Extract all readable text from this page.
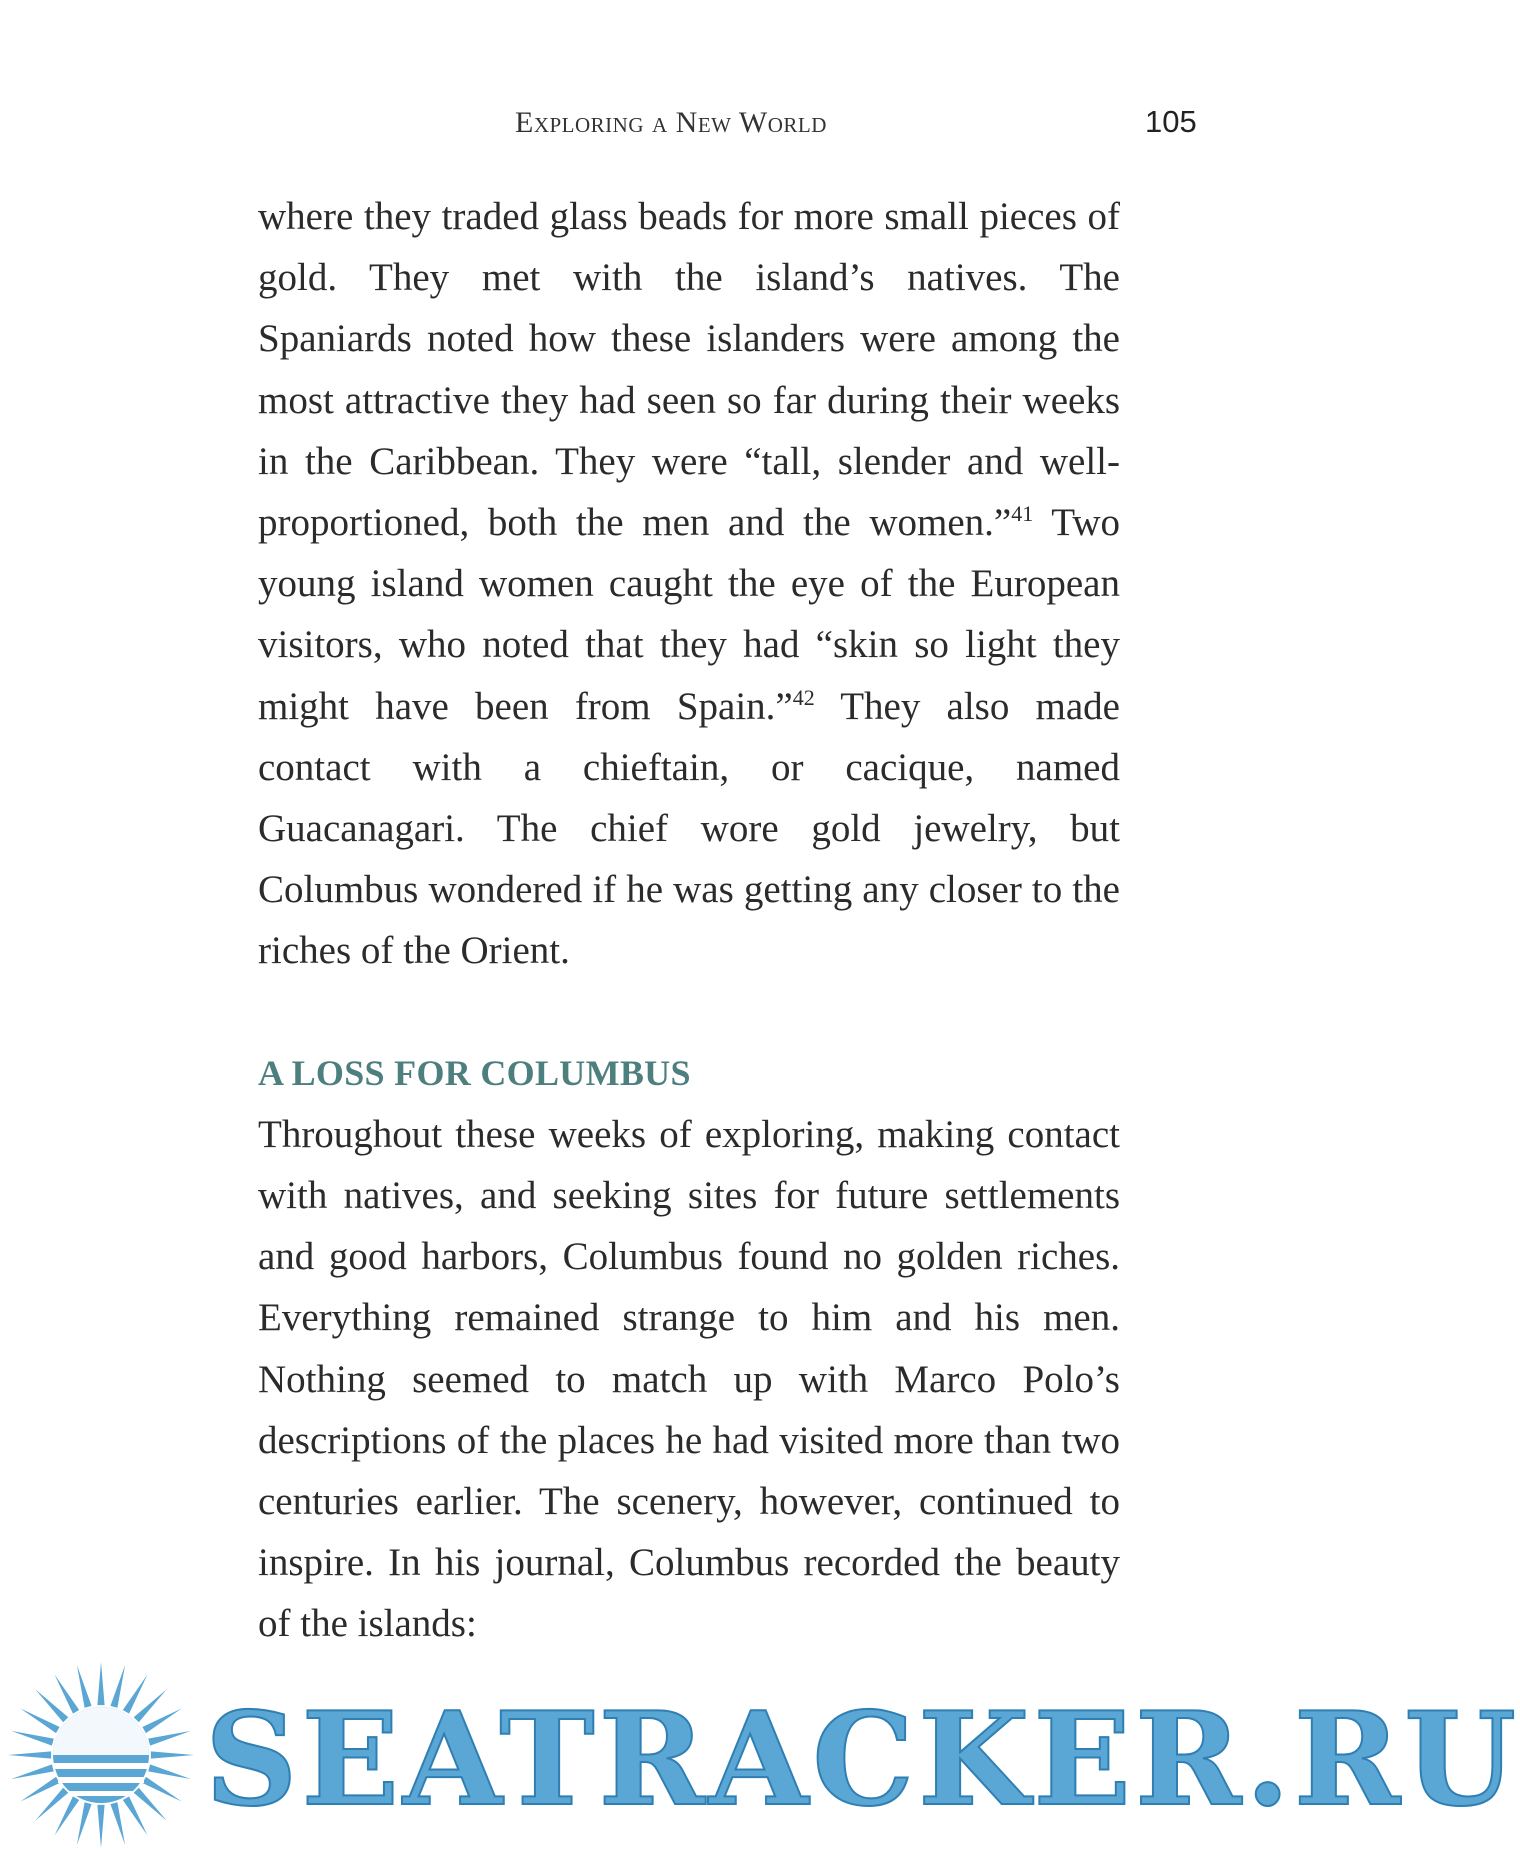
Exploring a New World	105

where they traded glass beads for more small pieces of gold. They met with the island’s natives. The Spaniards noted how these islanders were among the most attractive they had seen so far during their weeks in the Caribbean. They were “tall, slender and well-proportioned, both the men and the women.”$^{41}$ Two young island women caught the eye of the European visitors, who noted that they had “skin so light they might have been from Spain.”$^{42}$ They also made contact with a chieftain, or cacique, named Guacanagari. The chief wore gold jewelry, but Columbus wondered if he was getting any closer to the riches of the Orient.

A LOSS FOR COLUMBUS

Throughout these weeks of exploring, making contact with natives, and seeking sites for future settlements and good harbors, Columbus found no golden riches. Everything remained strange to him and his men. Nothing seemed to match up with Marco Polo’s descriptions of the places he had visited more than two centuries earlier. The scenery, however, continued to inspire. In his journal, Columbus recorded the beauty of the islands:

SEATRACKER.RU
